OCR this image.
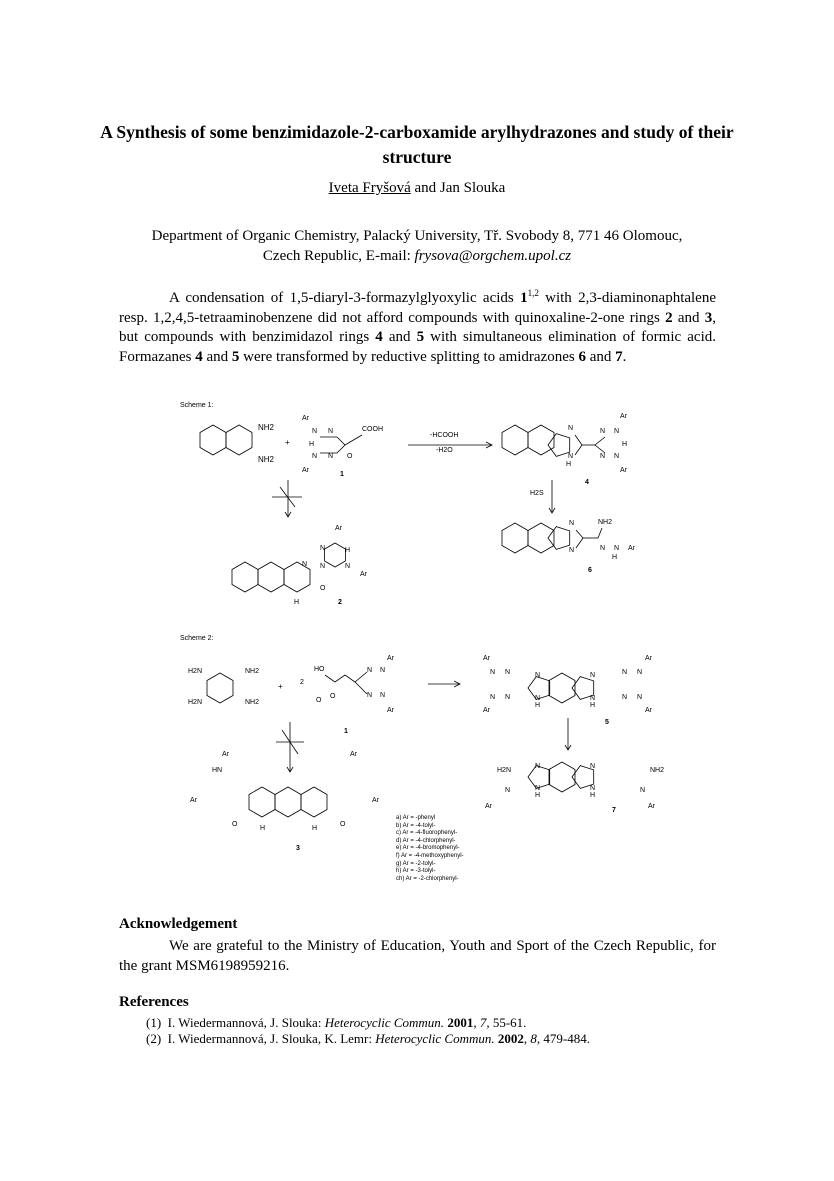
A Synthesis of some benzimidazole-2-carboxamide arylhydrazones and study of their structure
Iveta Fryšová and Jan Slouka
Department of Organic Chemistry, Palacký University, Tř. Svobody 8, 771 46 Olomouc,
Czech Republic, E-mail: frysova@orgchem.upol.cz
A condensation of 1,5-diaryl-3-formazylglyoxylic acids 1$^{1,2}$ with 2,3-diaminonaphtalene resp. 1,2,4,5-tetraaminobenzene did not afford compounds with quinoxaline-2-one rings 2 and 3, but compounds with benzimidazol rings 4 and 5 with simultaneous elimination of formic acid. Formazanes 4 and 5 were transformed by reductive splitting to amidrazones 6 and 7.
Scheme 1:
NH2
NH2
+
Ar
Ar
N N
N N
H
COOH
O
1
-HCOOH
-H2O
N
N
H
N N
N N
H
Ar
Ar
4
H2S
N
N
NH2
N N
H
Ar
6
Ar
N
N
H
N
Ar
N
H
O
2
Scheme 2:
H2N	NH2
H2N	NH2
+ 2
HO
O
O
N N
N N
Ar
Ar
1
Ar
Ar
N N
N N
N
N
H
N
N
H
N N
N N
Ar
Ar
5
H2N	NH2
N
N
H
N
N
H
N	N
Ar	Ar
7
Ar
HN
Ar
Ar
Ar
O	O
H	H
3
a) Ar = -phenyl
b) Ar = -4-tolyl-
c) Ar = -4-fluorophenyl-
d) Ar = -4-chlorphenyl-
e) Ar = -4-bromophenyl-
f) Ar = -4-methoxyphenyl-
g) Ar = -2-tolyl-
h) Ar = -3-tolyl-
ch) Ar = -2-chlorphenyl-
Acknowledgement
We are grateful to the Ministry of Education, Youth and Sport of the Czech Republic, for the grant MSM6198959216.
References
(1) I. Wiedermannová, J. Slouka: Heterocyclic Commun. 2001, 7, 55-61.
(2) I. Wiedermannová, J. Slouka, K. Lemr: Heterocyclic Commun. 2002, 8, 479-484.
